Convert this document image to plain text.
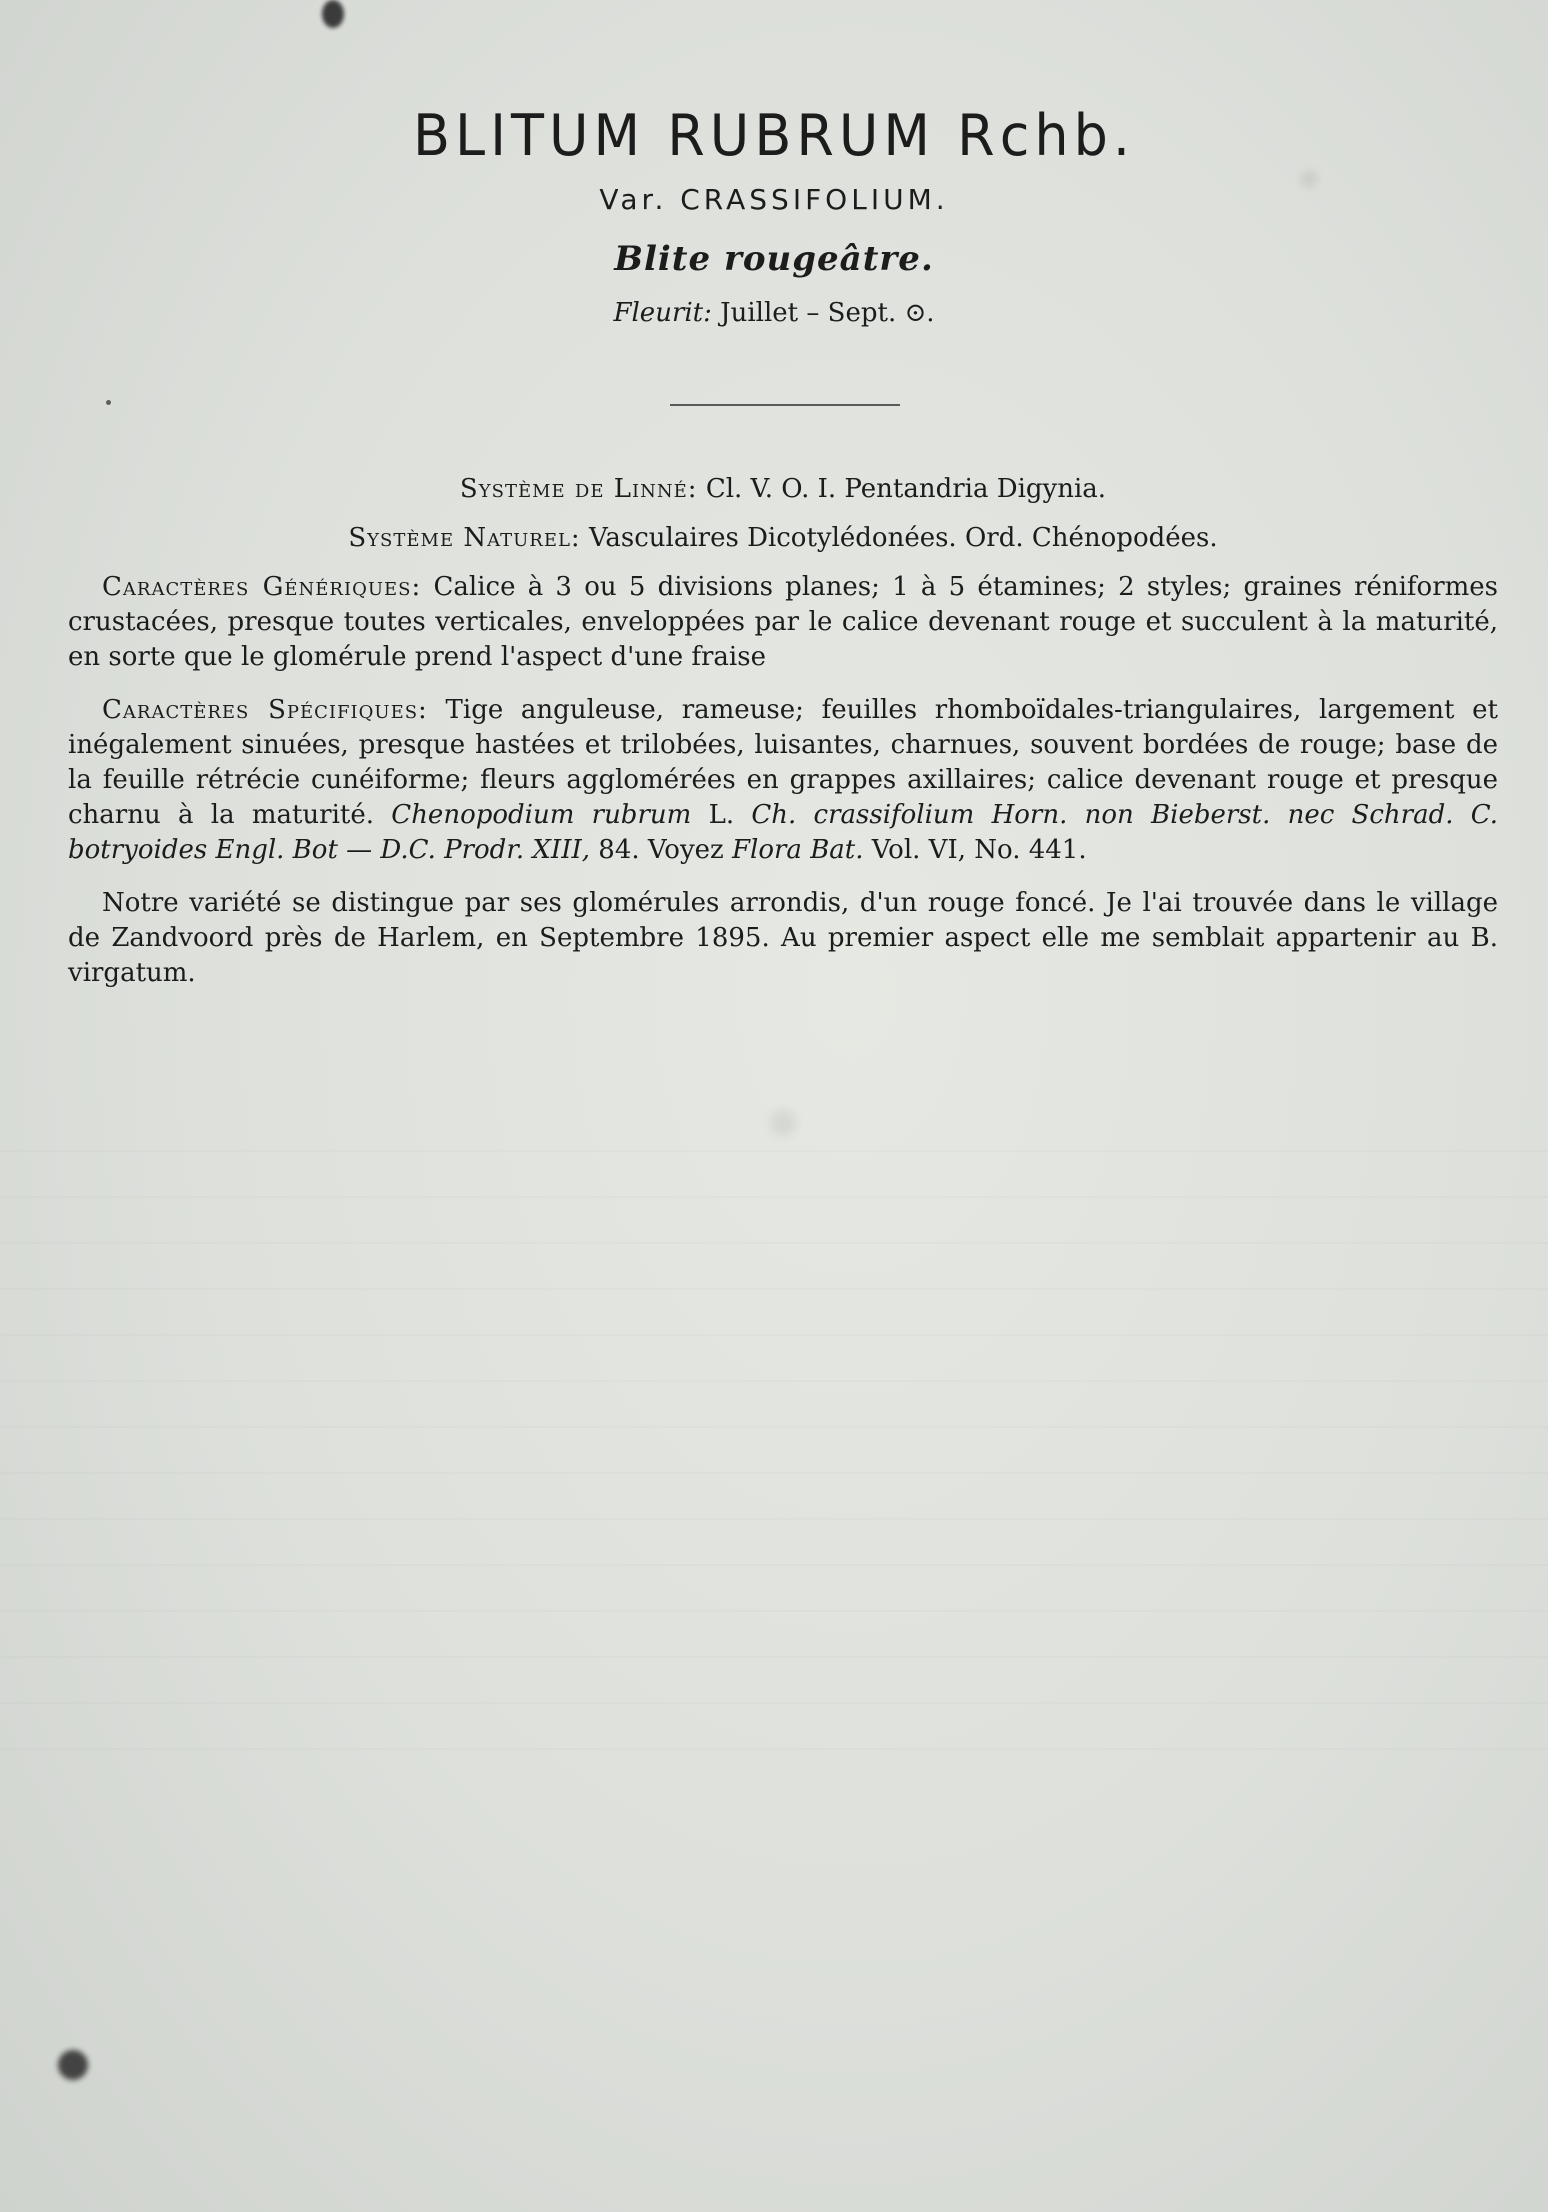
BLITUM RUBRUM Rchb.
Var. CRASSIFOLIUM.
Blite rougeâtre.
Fleurit: Juillet – Sept. ⊙.

Système de Linné: Cl. V. O. I. Pentandria Digynia.

Système Naturel: Vasculaires Dicotylédonées. Ord. Chénopodées.

Caractères Génériques: Calice à 3 ou 5 divisions planes; 1 à 5 étamines; 2 styles; graines réniformes crustacées, presque toutes verticales, enveloppées par le calice devenant rouge et succulent à la maturité, en sorte que le glomérule prend l'aspect d'une fraise

Caractères Spécifiques: Tige anguleuse, rameuse; feuilles rhomboïdales-triangulaires, largement et inégalement sinuées, presque hastées et trilobées, luisantes, charnues, souvent bordées de rouge; base de la feuille rétrécie cunéiforme; fleurs agglomérées en grappes axillaires; calice devenant rouge et presque charnu à la maturité. Chenopodium rubrum L. Ch. crassifolium Horn. non Bieberst. nec Schrad. C. botryoides Engl. Bot — D.C. Prodr. XIII, 84. Voyez Flora Bat. Vol. VI, No. 441.

Notre variété se distingue par ses glomérules arrondis, d'un rouge foncé. Je l'ai trouvée dans le village de Zandvoord près de Harlem, en Septembre 1895. Au premier aspect elle me semblait appartenir au B. virgatum.
